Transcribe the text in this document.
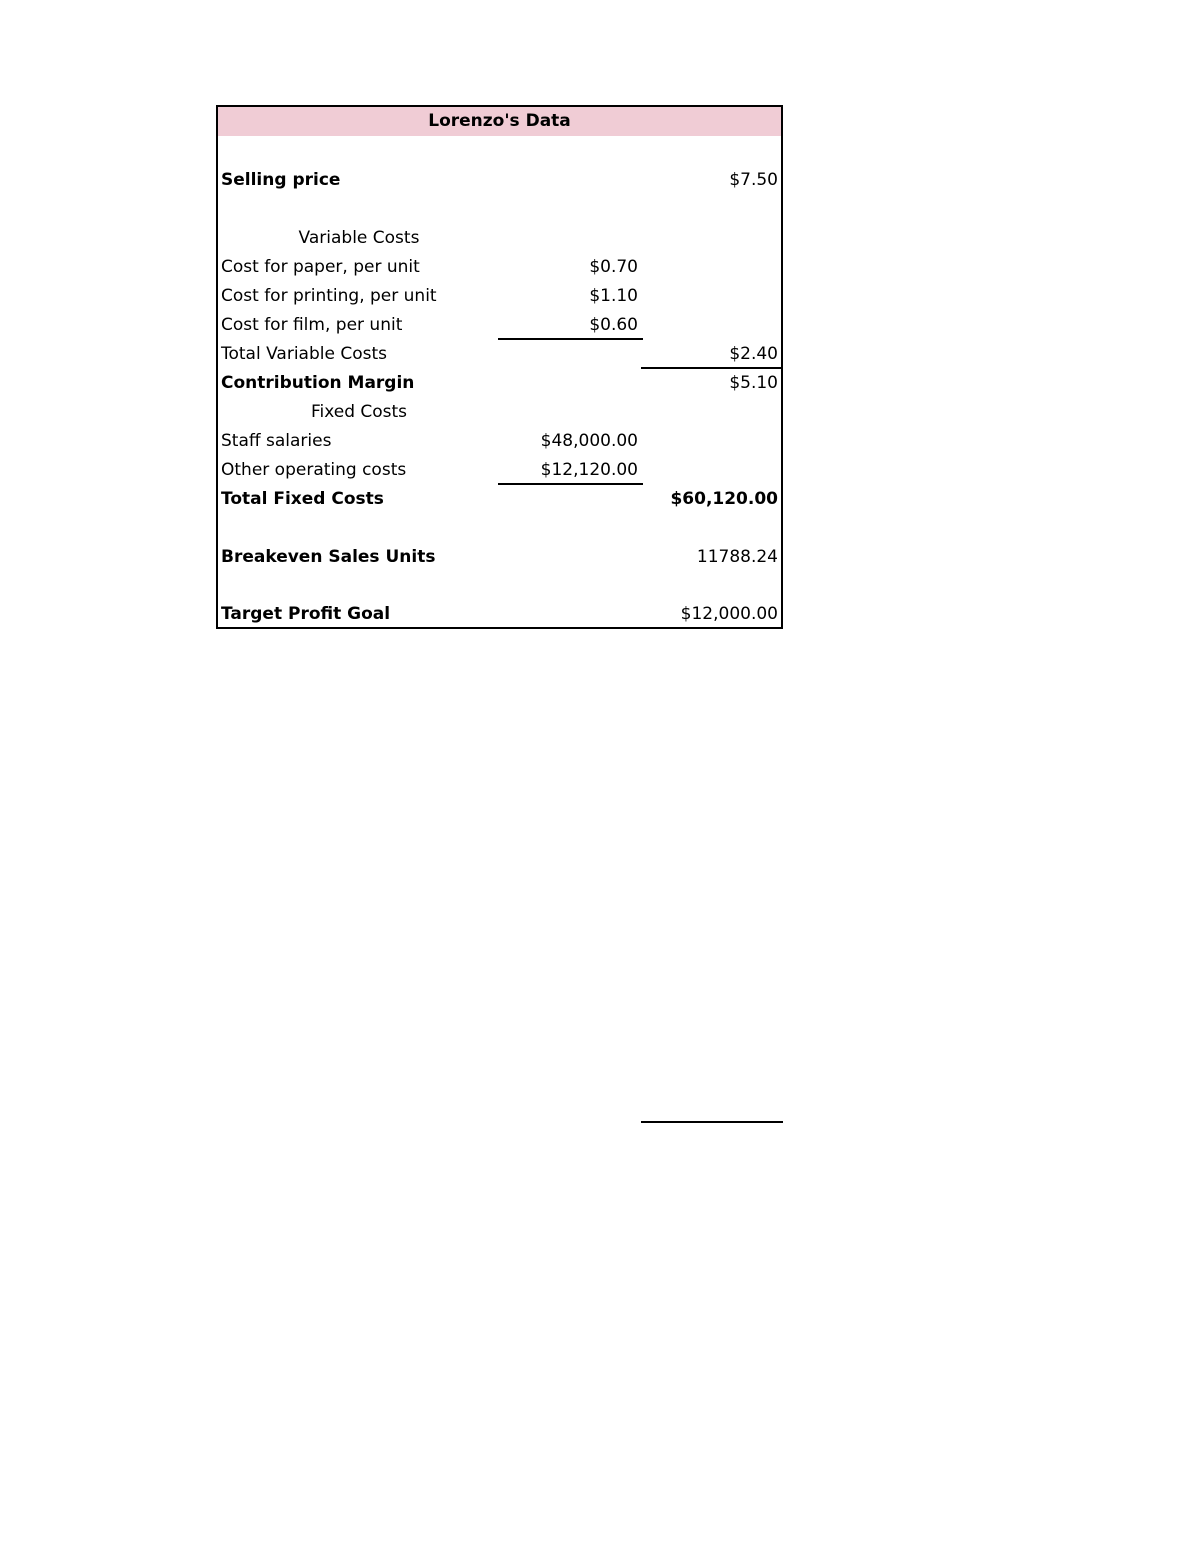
Lorenzo's Data
Selling price	$7.50
Variable Costs
Cost for paper, per unit	$0.70
Cost for printing, per unit	$1.10
Cost for film, per unit	$0.60
Total Variable Costs	$2.40
Contribution Margin	$5.10
Fixed Costs
Staff salaries	$48,000.00
Other operating costs	$12,120.00
Total Fixed Costs	$60,120.00
Breakeven Sales Units	11788.24
Target Profit Goal	$12,000.00
